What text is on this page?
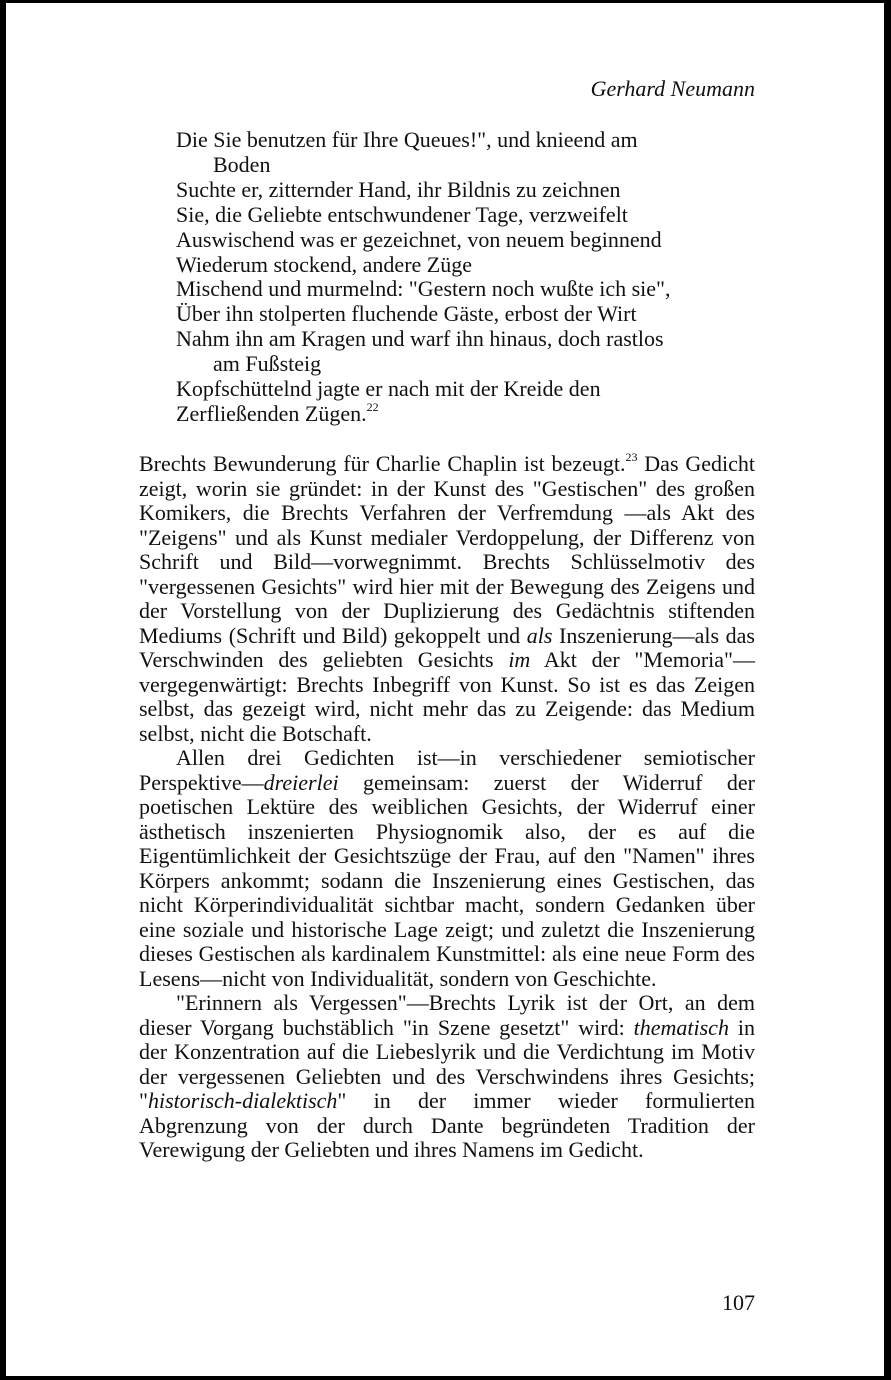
Gerhard Neumann
Die Sie benutzen für Ihre Queues!", und knieend am
Boden
Suchte er, zitternder Hand, ihr Bildnis zu zeichnen
Sie, die Geliebte entschwundener Tage, verzweifelt
Auswischend was er gezeichnet, von neuem beginnend
Wiederum stockend, andere Züge
Mischend und murmelnd: "Gestern noch wußte ich sie",
Über ihn stolperten fluchende Gäste, erbost der Wirt
Nahm ihn am Kragen und warf ihn hinaus, doch rastlos
am Fußsteig
Kopfschüttelnd jagte er nach mit der Kreide den
Zerfließenden Zügen.$^{22}$

Brechts Bewunderung für Charlie Chaplin ist bezeugt.$^{23}$ Das Gedicht zeigt, worin sie gründet: in der Kunst des "Gestischen" des großen Komikers, die Brechts Verfahren der Verfremdung —als Akt des "Zeigens" und als Kunst medialer Verdoppelung, der Differenz von Schrift und Bild—vorwegnimmt. Brechts Schlüsselmotiv des "vergessenen Gesichts" wird hier mit der Bewegung des Zeigens und der Vorstellung von der Duplizierung des Gedächtnis stiftenden Mediums (Schrift und Bild) gekoppelt und als Inszenierung—als das Verschwinden des geliebten Gesichts im Akt der "Memoria"—vergegenwärtigt: Brechts Inbegriff von Kunst. So ist es das Zeigen selbst, das gezeigt wird, nicht mehr das zu Zeigende: das Medium selbst, nicht die Botschaft.

Allen drei Gedichten ist—in verschiedener semiotischer Perspektive—dreierlei gemeinsam: zuerst der Widerruf der poetischen Lektüre des weiblichen Gesichts, der Widerruf einer ästhetisch inszenierten Physiognomik also, der es auf die Eigentümlichkeit der Gesichtszüge der Frau, auf den "Namen" ihres Körpers ankommt; sodann die Inszenierung eines Gestischen, das nicht Körperindividualität sichtbar macht, sondern Gedanken über eine soziale und historische Lage zeigt; und zuletzt die Inszenierung dieses Gestischen als kardinalem Kunstmittel: als eine neue Form des Lesens—nicht von Individualität, sondern von Geschichte.

"Erinnern als Vergessen"—Brechts Lyrik ist der Ort, an dem dieser Vorgang buchstäblich "in Szene gesetzt" wird: thematisch in der Konzentration auf die Liebeslyrik und die Verdichtung im Motiv der vergessenen Geliebten und des Verschwindens ihres Gesichts; "historisch-dialektisch" in der immer wieder formulierten Abgrenzung von der durch Dante begründeten Tradition der Verewigung der Geliebten und ihres Namens im Gedicht.

107
